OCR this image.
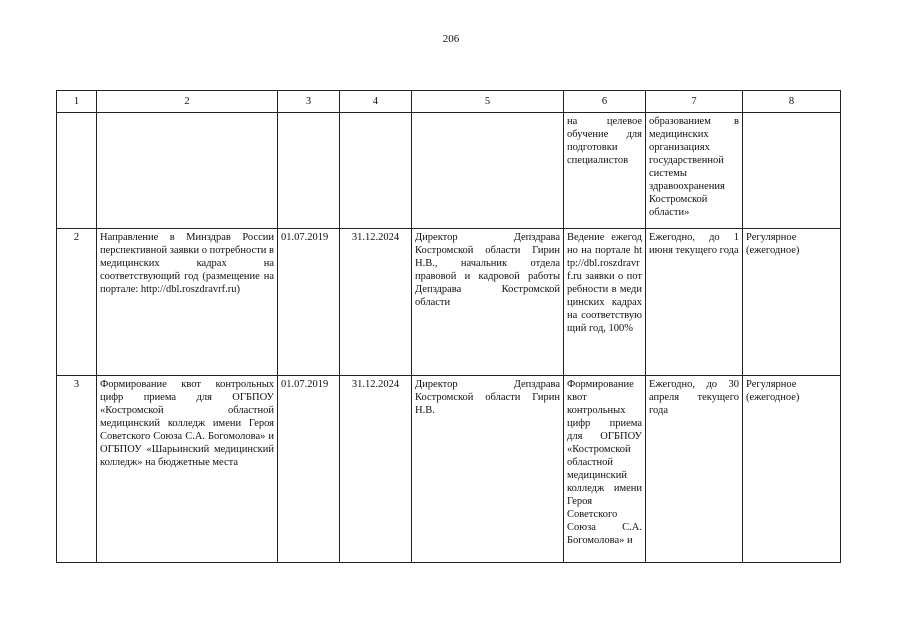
206
1	2	3	4	5	6	7	8
					на целевое обучение для подготовки специалистов	образованием в медицинских организациях государственной системы здравоохранения Костромской области»	
2	Направление в Минздрав России перспективной заявки о потребности в медицинских кадрах на соответствующий год (размещение на портале: http://dbl.roszdravrf.ru)	01.07.2019	31.12.2024	Директор Депздрава Костромской области Гирин Н.В., начальник отдела правовой и кадровой работы Депздрава Костромской области	Ведение ежегодно на портале http://dbl.roszdravrf.ru заявки о потребности в медицинских кадрах на соответствующий год, 100%	Ежегодно, до 1 июня текущего года	Регулярное (ежегодное)
3	Формирование квот контрольных цифр приема для ОГБПОУ «Костромской областной медицинский колледж имени Героя Советского Союза С.А. Богомолова» и ОГБПОУ «Шарьинский медицинский колледж» на бюджетные места	01.07.2019	31.12.2024	Директор Депздрава Костромской области Гирин Н.В.	Формирование квот контрольных цифр приема для ОГБПОУ «Костромской областной медицинский колледж имени Героя Советского Союза С.А. Богомолова» и	Ежегодно, до 30 апреля текущего года	Регулярное (ежегодное)
